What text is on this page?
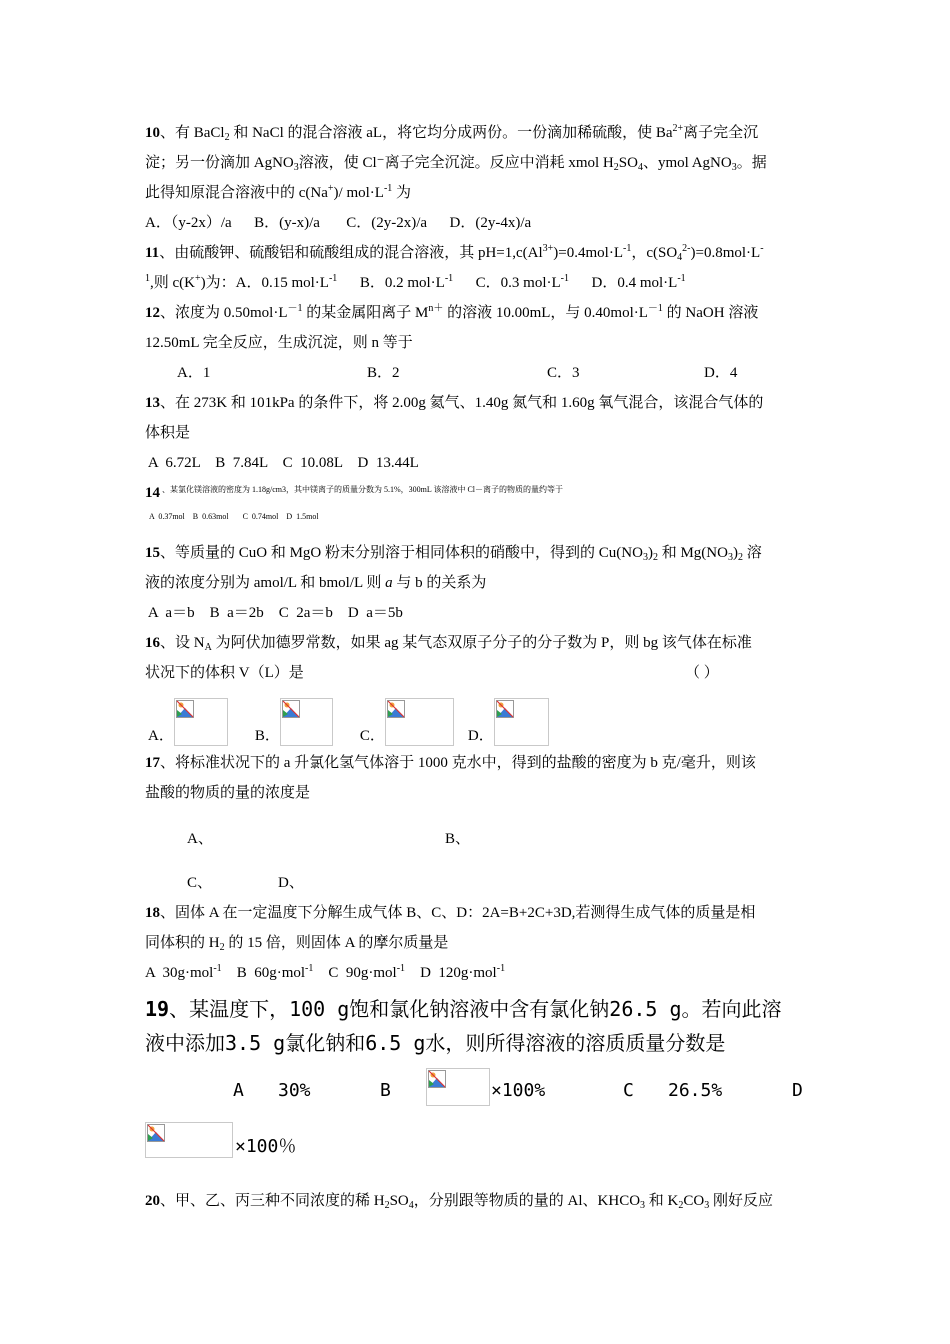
10、有 BaCl$_2$ 和 NaCl 的混合溶液 aL，将它均分成两份。一份滴加稀硫酸，使 $Ba^{2+}$离子完全沉

淀；另一份滴加 AgNO$_3$溶液，使 Cl⁻离子完全沉淀。反应中消耗 xmol $H_2SO_4$、ymol AgNO$_3$。据

此得知原混合溶液中的 c(Na+)/ $mol\cdot L^{-1}$ 为

A．（y-2x）/a      B．(y-x)/a       C．(2y-2x)/a      D．(2y-4x)/a

11、由硫酸钾、硫酸铝和硫酸组成的混合溶液，其 $pH=1,c(Al^{3+})=0.4mol\cdot L^{-1}$，$c(SO_4^{2-})=0.8mol\cdot L^-$

$^1$,则 c(K+)为：A．0.15 $mol\cdot L^{-1}$      B．0.2 $mol\cdot L^{-1}$      C．0.3 $mol\cdot L^{-1}$      D．0.4 $mol\cdot L^{-1}$

12、浓度为 $0.50mol\cdot L^{-1}$ 的某金属阳离子 $M^{n+}$ 的溶液 10.00mL，与 $0.40mol\cdot L^{-1}$ 的 NaOH 溶液

12.50mL 完全反应，生成沉淀，则 n 等于

A．1	B．2	C．3	D．4

13、在 273K 和 101kPa 的条件下，将 2.00g 氦气、1.40g 氮气和 1.60g 氧气混合，该混合气体的

体积是

A  6.72L    B  7.84L    C  10.08L    D  13.44L

14 、某氯化镁溶液的密度为 1.18g/cm3，其中镁离子的质量分数为 5.1%，300mL 该溶液中 Cl－离子的物质的量约等于

A  0.37mol    B  0.63mol       C  0.74mol    D  1.5mol

15、等质量的 CuO 和 MgO 粉末分别溶于相同体积的硝酸中，得到的 $Cu(NO_3)_2$ 和 $Mg(NO_3)_2$ 溶

液的浓度分别为 amol/L 和 bmol/L 则 a 与 b 的关系为

A  a＝b    B  a＝2b    C  2a＝b    D  a＝5b

16、设 $N_A$ 为阿伏加德罗常数，如果 ag 某气态双原子分子的分子数为 P，则 bg 该气体在标准

状况下的体积 V（L）是	（ ）

A．	B．	C．	D．

17、将标准状况下的 a 升氯化氢气体溶于 1000 克水中，得到的盐酸的密度为 b 克/毫升，则该

盐酸的物质的量的浓度是

A、	B、

C、	D、

18、固体 A 在一定温度下分解生成气体 B、C、D：2A=B+2C+3D,若测得生成气体的质量是相

同体积的 $H_2$ 的 15 倍，则固体 A 的摩尔质量是

A  30g·mol$^{-1}$    B  60g·mol$^{-1}$    C  90g·mol$^{-1}$    D  120g·mol$^{-1}$

19、某温度下，100 g饱和氯化钠溶液中含有氯化钠26.5 g。若向此溶

液中添加3.5 g氯化钠和6.5 g水，则所得溶液的溶质质量分数是

A 30%	B	×100%	C 26.5%	D
×100％

20、甲、乙、丙三种不同浓度的稀 $H_2SO_4$，分别跟等物质的量的 Al、$KHCO_3$ 和 $K_2CO_3$ 刚好反应
